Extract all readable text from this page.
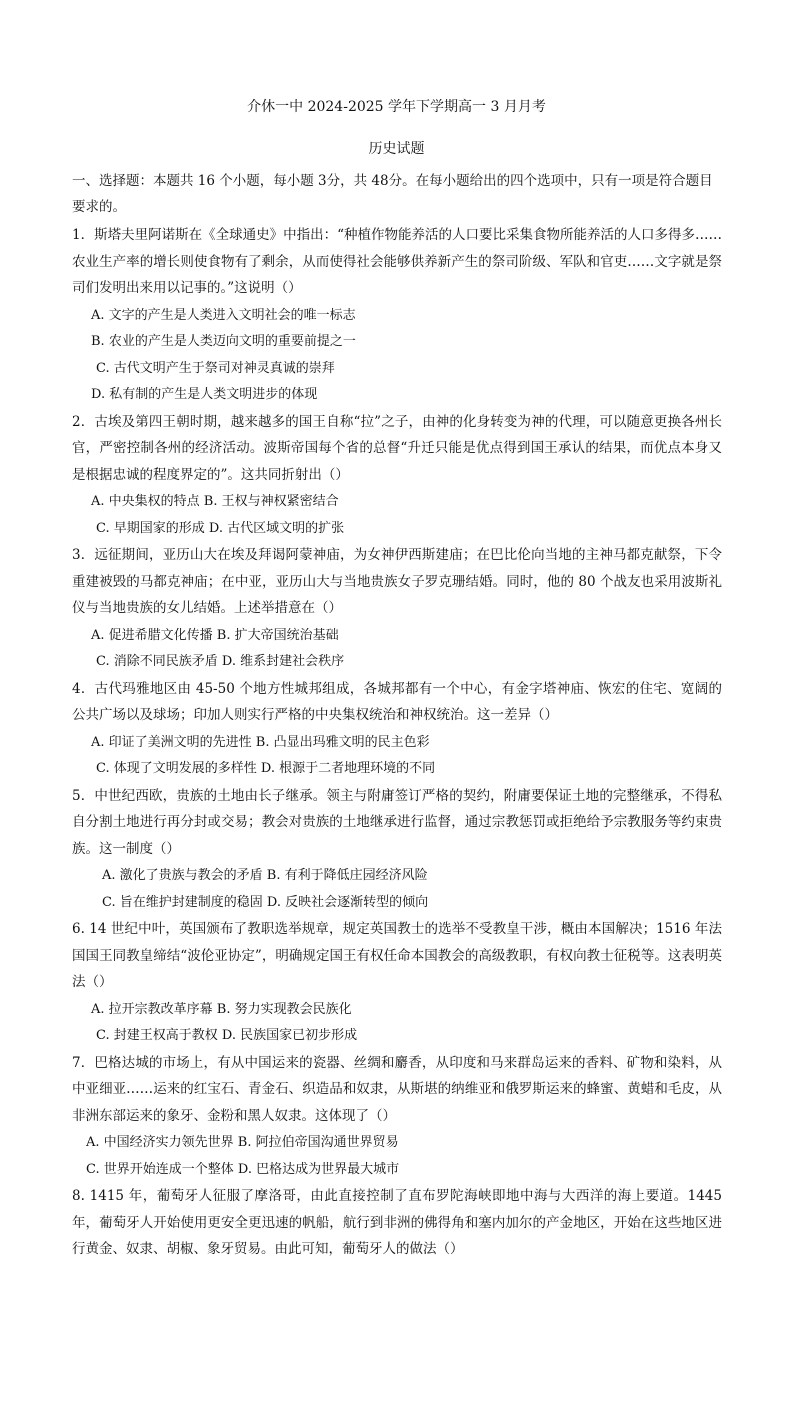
介休一中 2024-2025 学年下学期高一 3 月月考
历史试题
一、选择题：本题共 16 个小题，每小题 3分，共 48分。在每小题给出的四个选项中，只有一项是符合题目要求的。
1．斯塔夫里阿诺斯在《全球通史》中指出：“种植作物能养活的人口要比采集食物所能养活的人口多得多……农业生产率的增长则使食物有了剩余，从而使得社会能够供养新产生的祭司阶级、军队和官吏……文字就是祭司们发明出来用以记事的。”这说明（）
A. 文字的产生是人类进入文明社会的唯一标志
B. 农业的产生是人类迈向文明的重要前提之一
C. 古代文明产生于祭司对神灵真诚的崇拜
D. 私有制的产生是人类文明进步的体现
2．古埃及第四王朝时期，越来越多的国王自称“拉”之子，由神的化身转变为神的代理，可以随意更换各州长官，严密控制各州的经济活动。波斯帝国每个省的总督“升迁只能是优点得到国王承认的结果，而优点本身又是根据忠诚的程度界定的”。这共同折射出（）
A. 中央集权的特点 B. 王权与神权紧密结合
C. 早期国家的形成 D. 古代区域文明的扩张
3．远征期间，亚历山大在埃及拜谒阿蒙神庙，为女神伊西斯建庙；在巴比伦向当地的主神马都克献祭，下令重建被毁的马都克神庙；在中亚，亚历山大与当地贵族女子罗克珊结婚。同时，他的 80 个战友也采用波斯礼仪与当地贵族的女儿结婚。上述举措意在（）
A. 促进希腊文化传播 B. 扩大帝国统治基础
C. 消除不同民族矛盾 D. 维系封建社会秩序
4．古代玛雅地区由 45-50 个地方性城邦组成，各城邦都有一个中心，有金字塔神庙、恢宏的住宅、宽阔的公共广场以及球场；印加人则实行严格的中央集权统治和神权统治。这一差异（）
A. 印证了美洲文明的先进性 B. 凸显出玛雅文明的民主色彩
C. 体现了文明发展的多样性 D. 根源于二者地理环境的不同
5．中世纪西欧，贵族的土地由长子继承。领主与附庸签订严格的契约，附庸要保证土地的完整继承，不得私自分割土地进行再分封或交易；教会对贵族的土地继承进行监督，通过宗教惩罚或拒绝给予宗教服务等约束贵族。这一制度（）
A. 激化了贵族与教会的矛盾 B. 有利于降低庄园经济风险
C. 旨在维护封建制度的稳固 D. 反映社会逐渐转型的倾向
6. 14 世纪中叶，英国颁布了教职选举规章，规定英国教士的选举不受教皇干涉，概由本国解决；1516 年法国国王同教皇缔结“波伦亚协定”，明确规定国王有权任命本国教会的高级教职，有权向教士征税等。这表明英法（）
A. 拉开宗教改革序幕 B. 努力实现教会民族化
C. 封建王权高于教权 D. 民族国家已初步形成
7．巴格达城的市场上，有从中国运来的瓷器、丝绸和麝香，从印度和马来群岛运来的香料、矿物和染料，从中亚细亚……运来的红宝石、青金石、织造品和奴隶，从斯堪的纳维亚和俄罗斯运来的蜂蜜、黄蜡和毛皮，从非洲东部运来的象牙、金粉和黑人奴隶。这体现了（）
A. 中国经济实力领先世界 B. 阿拉伯帝国沟通世界贸易
C. 世界开始连成一个整体 D. 巴格达成为世界最大城市
8. 1415 年，葡萄牙人征服了摩洛哥，由此直接控制了直布罗陀海峡即地中海与大西洋的海上要道。1445 年，葡萄牙人开始使用更安全更迅速的帆船，航行到非洲的佛得角和塞内加尔的产金地区，开始在这些地区进行黄金、奴隶、胡椒、象牙贸易。由此可知，葡萄牙人的做法（）
